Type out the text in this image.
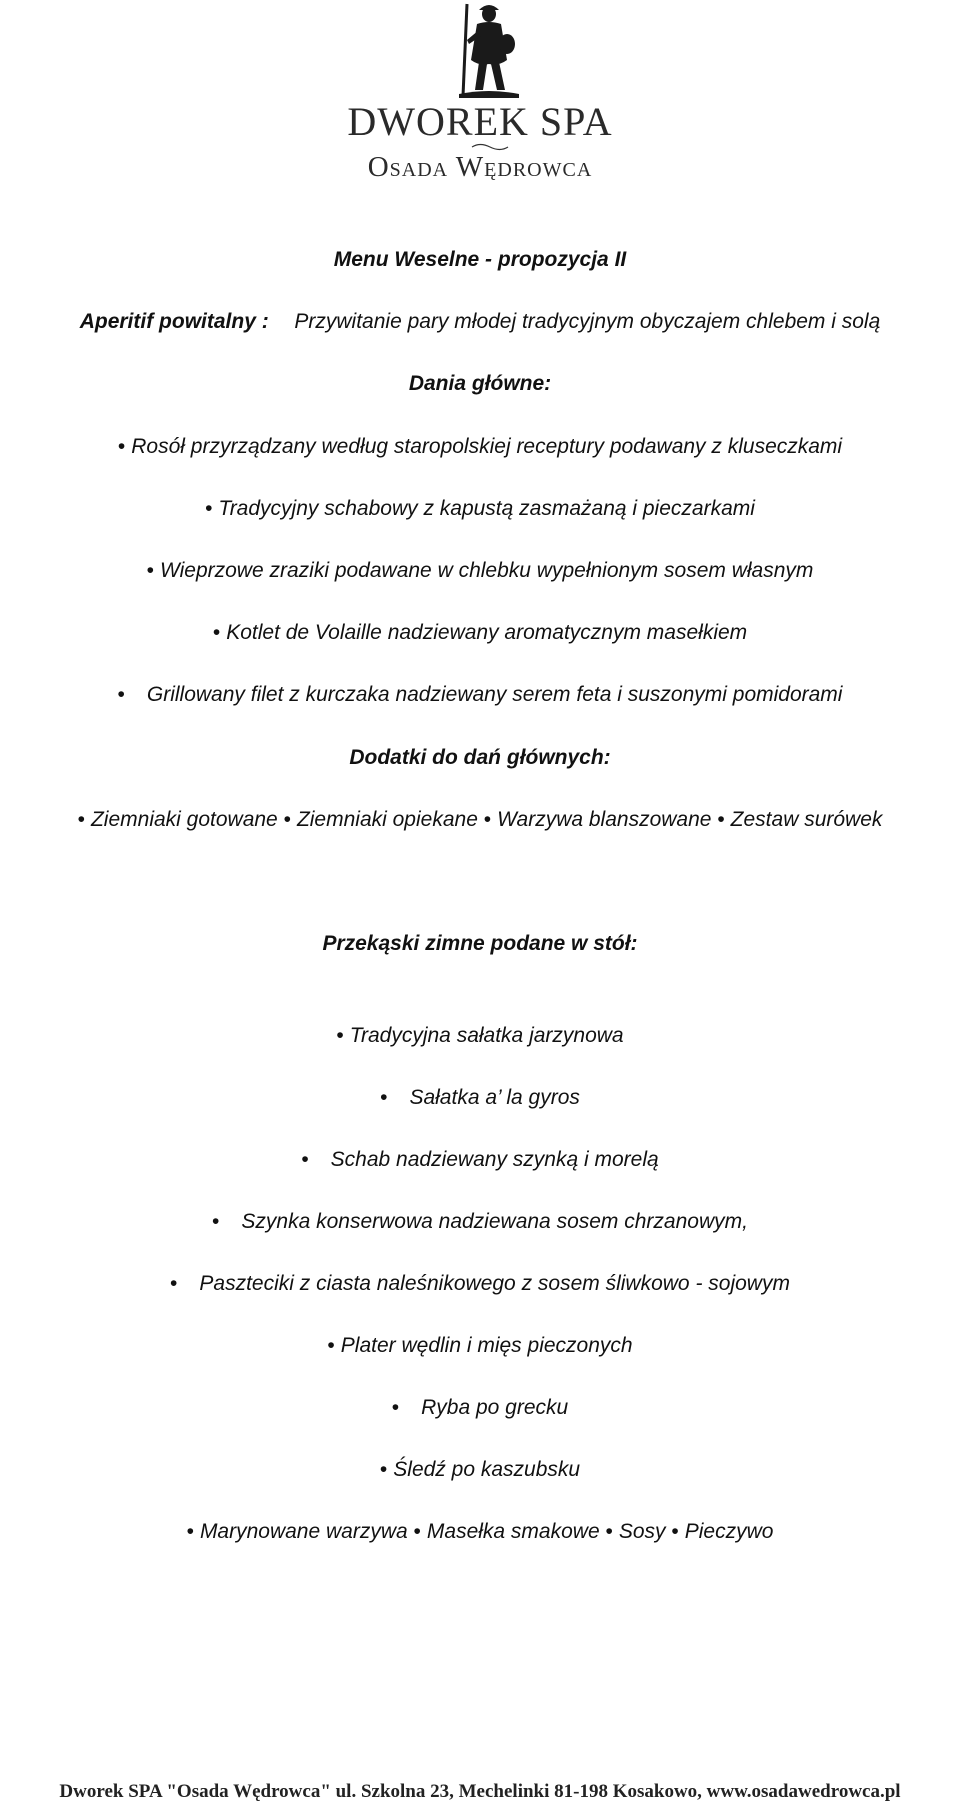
DWOREK SPA
Osada Wędrowca
Menu Weselne - propozycja II
Aperitif powitalny : Przywitanie pary młodej tradycyjnym obyczajem chlebem i solą
Dania główne:
• Rosół przyrządzany według staropolskiej receptury podawany z kluseczkami
• Tradycyjny schabowy z kapustą zasmażaną i pieczarkami
• Wieprzowe zraziki podawane w chlebku wypełnionym sosem własnym
• Kotlet de Volaille nadziewany aromatycznym masełkiem
• Grillowany filet z kurczaka nadziewany serem feta i suszonymi pomidorami
Dodatki do dań głównych:
• Ziemniaki gotowane • Ziemniaki opiekane • Warzywa blanszowane • Zestaw surówek
Przekąski zimne podane w stół:
• Tradycyjna sałatka jarzynowa
• Sałatka a’ la gyros
• Schab nadziewany szynką i morelą
• Szynka konserwowa nadziewana sosem chrzanowym,
• Paszteciki z ciasta naleśnikowego z sosem śliwkowo - sojowym
• Plater wędlin i mięs pieczonych
• Ryba po grecku
• Śledź po kaszubsku
• Marynowane warzywa • Masełka smakowe • Sosy • Pieczywo
Dworek SPA "Osada Wędrowca" ul. Szkolna 23, Mechelinki 81-198 Kosakowo, www.osadawedrowca.pl
